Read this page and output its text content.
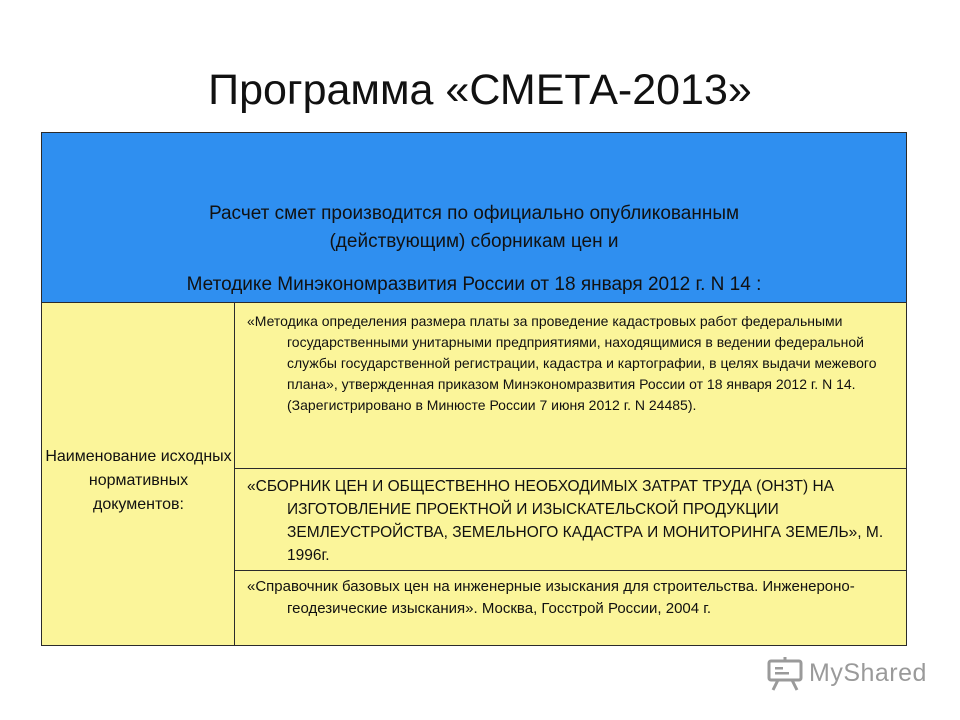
Программа «СМЕТА-2013»
Расчет смет производится по официально опубликованным
(действующим) сборникам цен и
Методике Минэкономразвития России от 18 января 2012 г. N 14 :
Наименование исходных нормативных документов:
«Методика определения размера платы за проведение кадастровых работ федеральными государственными унитарными предприятиями, находящимися в ведении федеральной службы государственной регистрации, кадастра и картографии, в целях выдачи межевого плана», утвержденная приказом Минэкономразвития России от 18 января 2012 г. N 14. (Зарегистрировано в Минюсте России 7 июня 2012 г. N 24485).
«СБОРНИК ЦЕН И ОБЩЕСТВЕННО НЕОБХОДИМЫХ ЗАТРАТ ТРУДА (ОНЗТ) НА ИЗГОТОВЛЕНИЕ ПРОЕКТНОЙ И ИЗЫСКАТЕЛЬСКОЙ ПРОДУКЦИИ ЗЕМЛЕУСТРОЙСТВА, ЗЕМЕЛЬНОГО КАДАСТРА И МОНИТОРИНГА ЗЕМЕЛЬ», М. 1996г.
«Справочник базовых цен на инженерные изыскания для строительства. Инженероно-геодезические изыскания». Москва, Госстрой России, 2004 г.
MyShared
